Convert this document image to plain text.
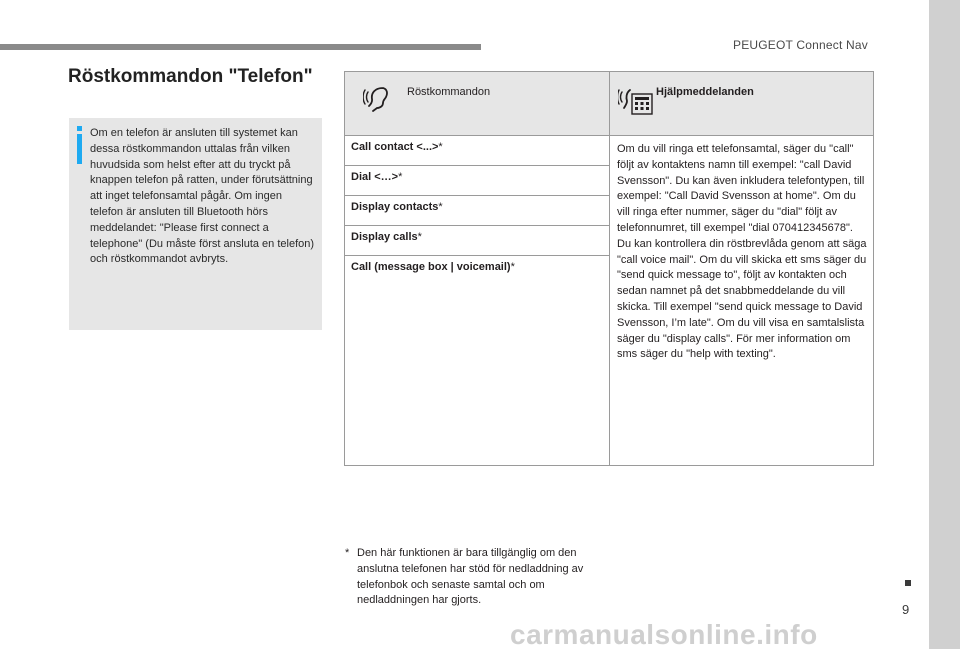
PEUGEOT Connect Nav
9
carmanualsonline.info
Röstkommandon "Telefon"
Om en telefon är ansluten till systemet kan dessa röstkommandon uttalas från vilken huvudsida som helst efter att du tryckt på knappen telefon på ratten, under förutsättning att inget telefonsamtal pågår. Om ingen telefon är ansluten till Bluetooth hörs meddelandet: "Please first connect a telephone" (Du måste först ansluta en telefon) och röstkommandot avbryts.
Röstkommandon	Hjälpmeddelanden

Call contact <...>*	Om du vill ringa ett telefonsamtal, säger du "call" följt av kontaktens namn till exempel: "call David Svensson". Du kan även inkludera telefontypen, till exempel: "Call David Svensson at home". Om du vill ringa efter nummer, säger du "dial" följt av telefonnumret, till exempel "dial 070412345678". Du kan kontrollera din röstbrevlåda genom att säga "call voice mail". Om du vill skicka ett sms säger du "send quick message to", följt av kontakten och sedan namnet på det snabbmeddelande du vill skicka. Till exempel "send quick message to David Svensson, I’m late". Om du vill visa en samtalslista säger du "display calls". För mer information om sms säger du "help with texting".
Dial <…>*	
Display contacts*	
Display calls*	
Call (message box | voicemail)*	

* Den här funktionen är bara tillgänglig om den anslutna telefonen har stöd för nedladdning av telefonbok och senaste samtal och om nedladdningen har gjorts.
